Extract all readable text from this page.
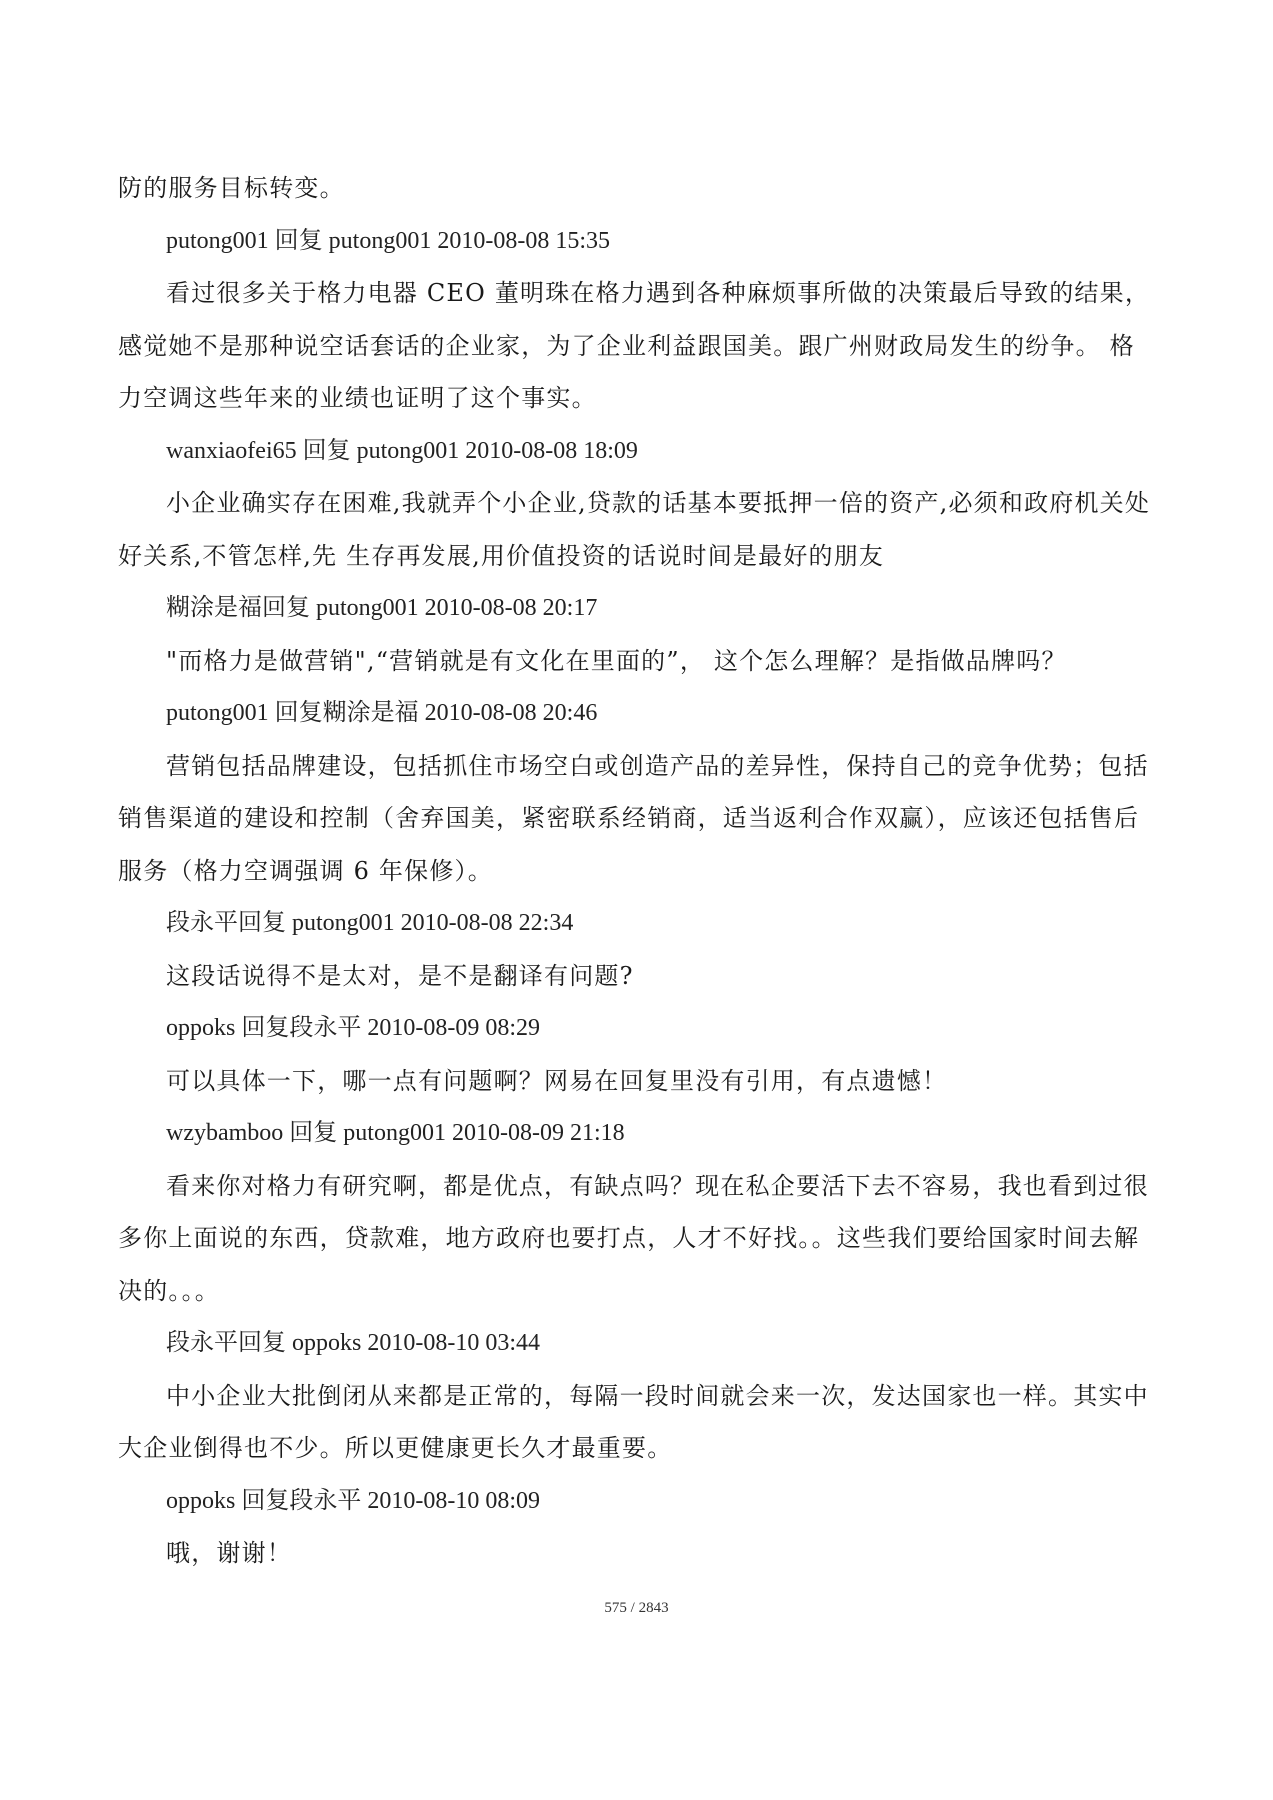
防的服务目标转变。

putong001 回复 putong001 2010-08-08 15:35

看过很多关于格力电器 CEO 董明珠在格力遇到各种麻烦事所做的决策最后导致的结果，感觉她不是那种说空话套话的企业家，为了企业利益跟国美。跟广州财政局发生的纷争。 格力空调这些年来的业绩也证明了这个事实。

wanxiaofei65 回复 putong001 2010-08-08 18:09

小企业确实存在困难,我就弄个小企业,贷款的话基本要抵押一倍的资产,必须和政府机关处好关系,不管怎样,先 生存再发展,用价值投资的话说时间是最好的朋友

糊涂是福回复 putong001 2010-08-08 20:17

"而格力是做营销",“营销就是有文化在里面的”， 这个怎么理解？是指做品牌吗？

putong001 回复糊涂是福 2010-08-08 20:46

营销包括品牌建设，包括抓住市场空白或创造产品的差异性，保持自己的竞争优势；包括销售渠道的建设和控制（舍弃国美，紧密联系经销商，适当返利合作双赢），应该还包括售后服务（格力空调强调 6 年保修）。

段永平回复 putong001 2010-08-08 22:34

这段话说得不是太对，是不是翻译有问题?

oppoks 回复段永平 2010-08-09 08:29

可以具体一下，哪一点有问题啊？网易在回复里没有引用，有点遗憾！

wzybamboo 回复 putong001 2010-08-09 21:18

看来你对格力有研究啊，都是优点，有缺点吗？现在私企要活下去不容易，我也看到过很多你上面说的东西，贷款难，地方政府也要打点，人才不好找。。这些我们要给国家时间去解决的。。。

段永平回复 oppoks 2010-08-10 03:44

中小企业大批倒闭从来都是正常的，每隔一段时间就会来一次，发达国家也一样。其实中大企业倒得也不少。所以更健康更长久才最重要。

oppoks 回复段永平 2010-08-10 08:09

哦，谢谢！

575 / 2843
